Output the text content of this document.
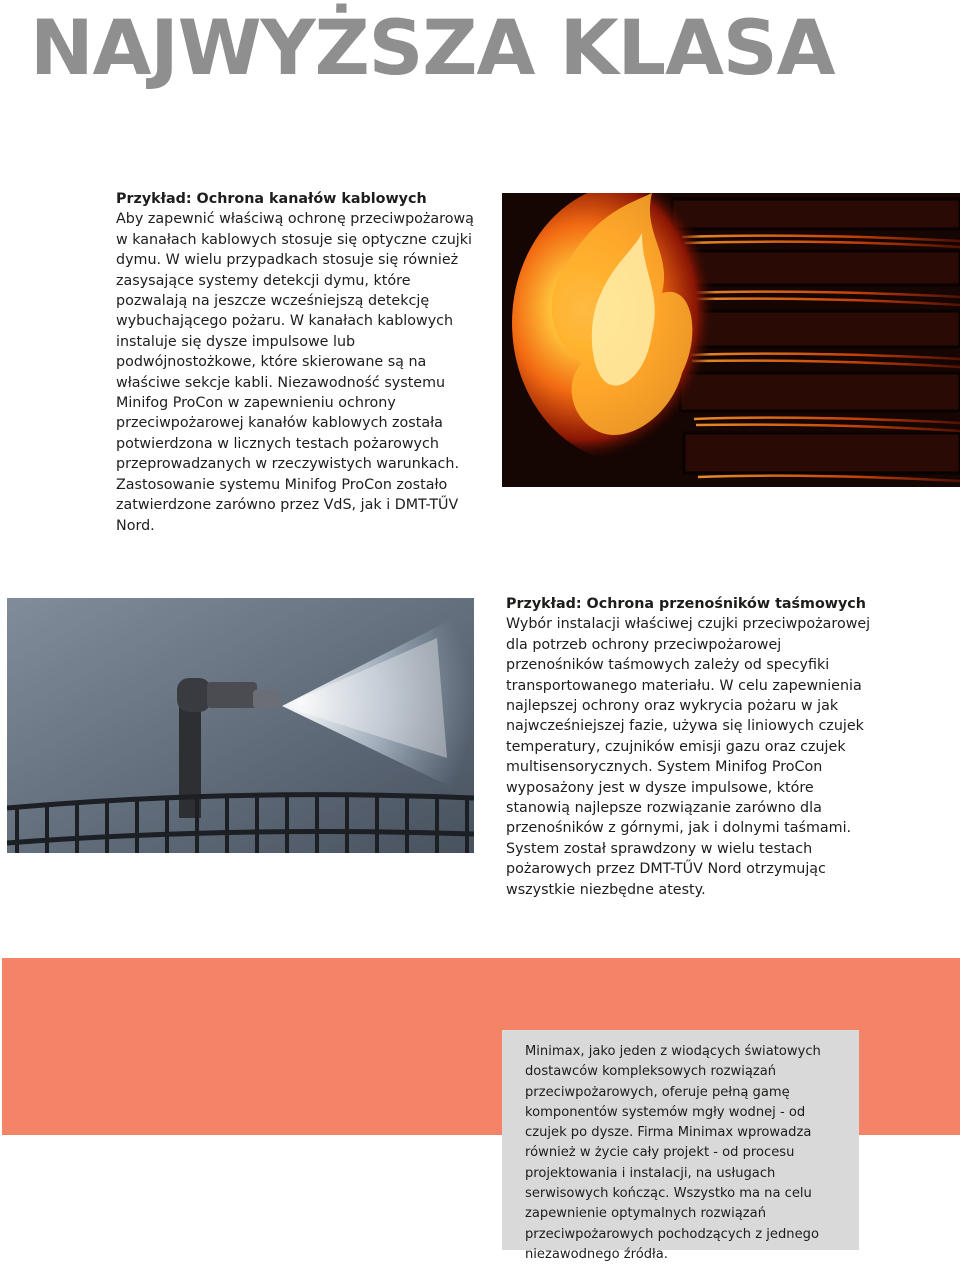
NAJWYŻSZA KLASA
Przykład: Ochrona kanałów kablowych
Aby zapewnić właściwą ochronę przeciwpożarową w kanałach kablowych stosuje się optyczne czujki dymu. W wielu przypadkach stosuje się również zasysające systemy detekcji dymu, które pozwalają na jeszcze wcześniejszą detekcję wybuchającego pożaru. W kanałach kablowych instaluje się dysze impulsowe lub podwójnostożkowe, które skierowane są na właściwe sekcje kabli. Niezawodność systemu Minifog ProCon w zapewnieniu ochrony przeciwpożarowej kanałów kablowych została potwierdzona w licznych testach pożarowych przeprowadzanych w rzeczywistych warunkach. Zastosowanie systemu Minifog ProCon zostało zatwierdzone zarówno przez VdS, jak i DMT-TŰV Nord.
Przykład: Ochrona przenośników taśmowych
Wybór instalacji właściwej czujki przeciwpożarowej dla potrzeb ochrony przeciwpożarowej przenośników taśmowych zależy od specyfiki transportowanego materiału. W celu zapewnienia najlepszej ochrony oraz wykrycia pożaru w jak najwcześniejszej fazie, używa się liniowych czujek temperatury, czujników emisji gazu oraz czujek multisensorycznych. System Minifog ProCon wyposażony jest w dysze impulsowe, które stanowią najlepsze rozwiązanie zarówno dla przenośników z górnymi, jak i dolnymi taśmami. System został sprawdzony w wielu testach pożarowych przez DMT-TŰV Nord otrzymując wszystkie niezbędne atesty.
Minimax, jako jeden z wiodących światowych dostawców kompleksowych rozwiązań przeciwpożarowych, oferuje pełną gamę komponentów systemów mgły wodnej - od czujek po dysze. Firma Minimax wprowadza również w życie cały projekt - od procesu projektowania i instalacji, na usługach serwisowych kończąc. Wszystko ma na celu zapewnienie optymalnych rozwiązań przeciwpożarowych pochodzących z jednego niezawodnego źródła.
